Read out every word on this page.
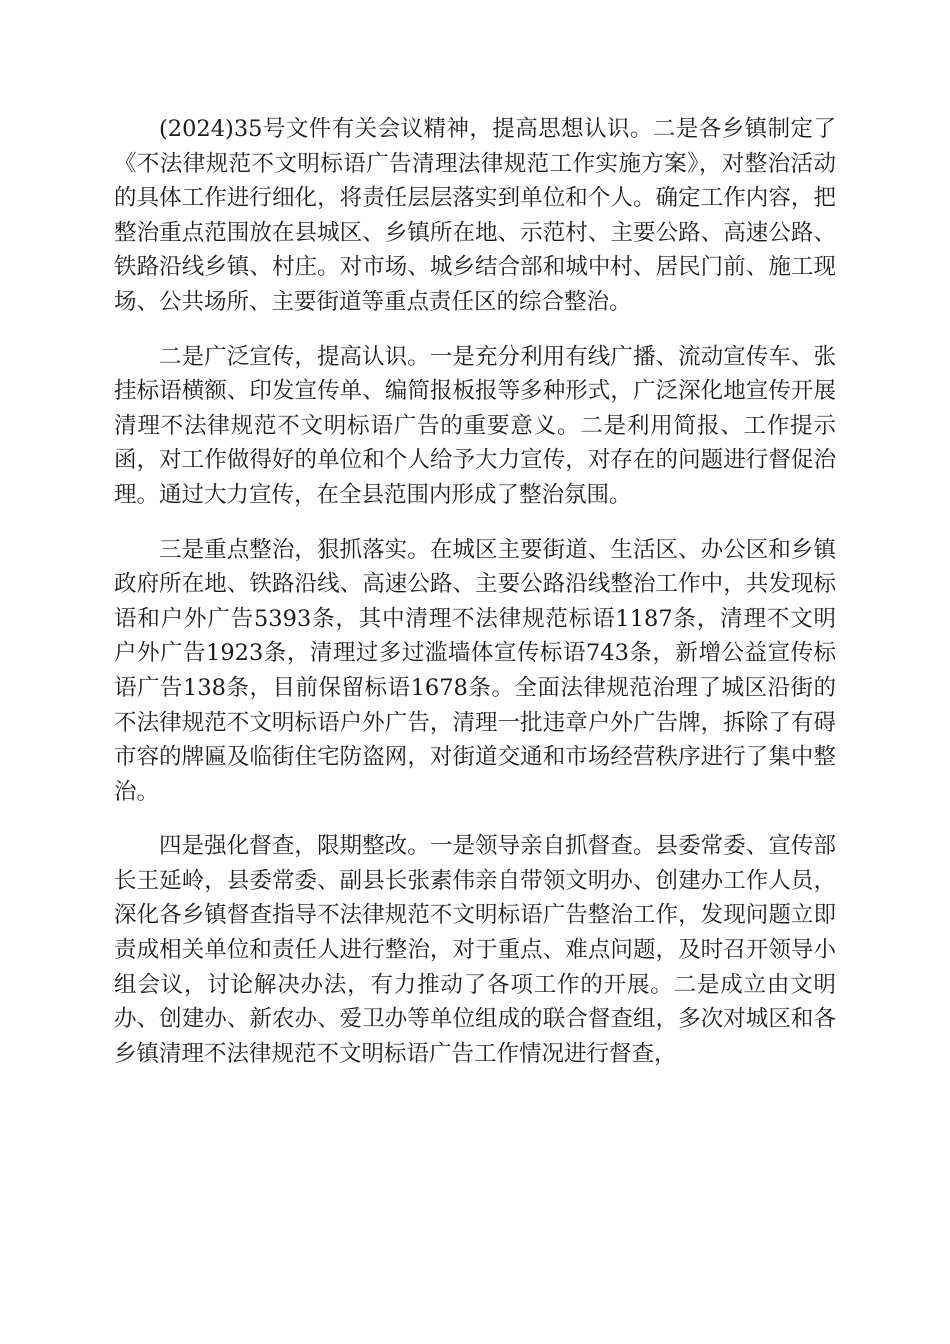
(2024)35号文件有关会议精神，提高思想认识。二是各乡镇制定了《不法律规范不文明标语广告清理法律规范工作实施方案》，对整治活动的具体工作进行细化，将责任层层落实到单位和个人。确定工作内容，把整治重点范围放在县城区、乡镇所在地、示范村、主要公路、高速公路、铁路沿线乡镇、村庄。对市场、城乡结合部和城中村、居民门前、施工现场、公共场所、主要街道等重点责任区的综合整治。

二是广泛宣传，提高认识。一是充分利用有线广播、流动宣传车、张挂标语横额、印发宣传单、编简报板报等多种形式，广泛深化地宣传开展清理不法律规范不文明标语广告的重要意义。二是利用简报、工作提示函，对工作做得好的单位和个人给予大力宣传，对存在的问题进行督促治理。通过大力宣传，在全县范围内形成了整治氛围。

三是重点整治，狠抓落实。在城区主要街道、生活区、办公区和乡镇政府所在地、铁路沿线、高速公路、主要公路沿线整治工作中，共发现标语和户外广告5393条，其中清理不法律规范标语1187条，清理不文明户外广告1923条，清理过多过滥墙体宣传标语743条，新增公益宣传标语广告138条，目前保留标语1678条。全面法律规范治理了城区沿街的不法律规范不文明标语户外广告，清理一批违章户外广告牌，拆除了有碍市容的牌匾及临街住宅防盗网，对街道交通和市场经营秩序进行了集中整治。

四是强化督查，限期整改。一是领导亲自抓督查。县委常委、宣传部长王延岭，县委常委、副县长张素伟亲自带领文明办、创建办工作人员，深化各乡镇督查指导不法律规范不文明标语广告整治工作，发现问题立即责成相关单位和责任人进行整治，对于重点、难点问题，及时召开领导小组会议，讨论解决办法，有力推动了各项工作的开展。二是成立由文明办、创建办、新农办、爱卫办等单位组成的联合督查组，多次对城区和各乡镇清理不法律规范不文明标语广告工作情况进行督查，
